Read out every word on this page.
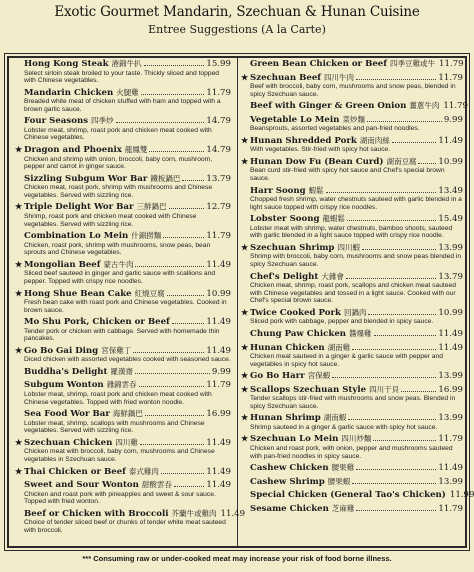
Exotic Gourmet Mandarin, Szechuan & Hunan Cuisine
Entree Suggestions (A la Carte)
Hong Kong Steak 港錦牛扒	15.99
Select sirloin steak broiled to your taste. Thickly sliced and topped with Chinese vegetables.
Mandarin Chicken 火腿雞	11.79
Breaded white meat of chicken stuffed with ham and topped with a brown garlic sauce.
Four Seasons 四季炒	14.79
Lobster meat, shrimp, roast pork and chicken meat cooked with Chinese vegetables.
★ Dragon and Phoenix 龍鳳雙	14.79
Chicken and shrimp with onion, broccoli, baby corn, mushroom, pepper and carrot in ginger sauce.
Sizzling Subgum Wor Bar 鐵板鍋巴	13.79
Chicken meat, roast pork, shrimp with mushrooms and Chinese vegetables. Served with sizzling rice.
★ Triple Delight Wor Bar 三鮮鍋巴	12.79
Shrimp, roast pork and chicken meat cooked with Chinese vegetables. Served with sizzling rice.
Combination Lo Mein 什錦撈麵	11.79
Chicken, roast pork, shrimp with mushrooms, snow peas, bean sprouts and Chinese vegetables.
★ Mongolian Beef 蒙古牛肉	11.49
Sliced beef sauteed in ginger and garlic sauce with scallions and pepper. Topped with crispy rice noodles.
★ Hong Shue Bean Cake 紅燒豆腐	10.99
Fresh bean cake with roast pork and Chinese vegetables. Cooked in brown sauce.
Mo Shu Pork, Chicken or Beef	11.49
Tender pork or chicken with cabbage. Served with homemade thin pancakes.
★ Go Bo Gai Ding 宮保雞丁	11.49
Diced chicken with assorted vegetables cooked with seasoned sauce.
Buddha's Delight 羅漢齋	9.99
Subgum Wonton 雜錦雲吞	11.79
Lobster meat, shrimp, roast pork and chicken meat cooked with Chinese vegetables. Topped with fried wonton noodle.
Sea Food Wor Bar 海鮮鍋巴	16.99
Lobster meat, shrimp, scallops with mushrooms and Chinese vegetables. Served with sizzling rice.
★ Szechuan Chicken 四川雞	11.49
Chicken meat with broccoli, baby corn, mushrooms and Chinese vegetables in Szechuan sauce.
★ Thai Chicken or Beef 泰式雞肉	11.49
Sweet and Sour Wonton 甜酸雲吞	11.49
Chicken and roast pork with pineapples and sweet & sour sauce. Topped with fried wonton.
Beef or Chicken with Broccoli 芥蘭牛或雞肉 11.49
Choice of tender sliced beef or chunks of tender white meat sauteed with broccoli.
Green Bean Chicken or Beef 四季豆雞或牛 11.79
★ Szechuan Beef 四川牛肉	11.79
Beef with broccoli, baby corn, mushrooms and snow peas, blended in spicy Szechuan sauce.
Beef with Ginger & Green Onion 薑蔥牛肉 11.79
Vegetable Lo Mein 菜炒麵	9.99
Beansprouts, assorted vegetables and pan-fried noodles.
★ Hunan Shredded Pork 湖南肉絲	11.49
With vegetables. Stir-fried with spicy hot sauce.
★ Hunan Dow Fu (Bean Curd) 湖南豆腐	10.99
Bean curd stir-fried with spicy hot sauce and Chef's special brown sauce.
Harr Soong 蝦鬆	13.49
Chopped fresh shrimp, water chestnuts sauteed with garlic blended in a light sauce topped with crispy rice noodles.
Lobster Soong 龍蝦鬆	15.49
Lobster meat with shrimp, water chestnuts, bamboo shoots, sauteed with garlic blended in a light sauce topped with crispy rice noodle.
★ Szechuan Shrimp 四川蝦	13.99
Shrimp with broccoli, baby corn, mushrooms and snow peas blended in spicy Szechuan sauce.
Chef's Delight 大雜會	13.79
Chicken meat, shrimp, roast pork, scallops and chicken meat sauteed with Chinese vegetables and tossed in a light sauce. Cooked with our Chef's special brown sauce.
★ Twice Cooked Pork 回鍋肉	10.99
Sliced pork with cabbage, pepper and blended in spicy sauce.
Chung Paw Chicken 醬爆雞	11.49
★ Hunan Chicken 湖南雞	11.49
Chicken meat sauteed in a ginger & garlic sauce with pepper and vegetables in spicy hot sauce.
★ Go Bo Harr 宮保蝦	13.99
★ Scallops Szechuan Style 四川干貝	16.99
Tender scallops stir-fried with mushrooms and snow peas. Blended in spicy Szechuan sauce.
★ Hunan Shrimp 湖南蝦	13.99
Shrimp sauteed in a ginger & garlic sauce with spicy hot sauce.
★ Szechuan Lo Mein 四川炒麵	11.79
Chicken and roast pork, with onion, pepper and mushrooms sauteed with pan-fried noodles in spicy sauce.
Cashew Chicken 腰果雞	11.49
Cashew Shrimp 腰果蝦	13.99
Special Chicken (General Tao's Chicken) 11.99
Sesame Chicken 芝麻雞	11.79
*** Consuming raw or under-cooked meat may increase your risk of food borne illness.
